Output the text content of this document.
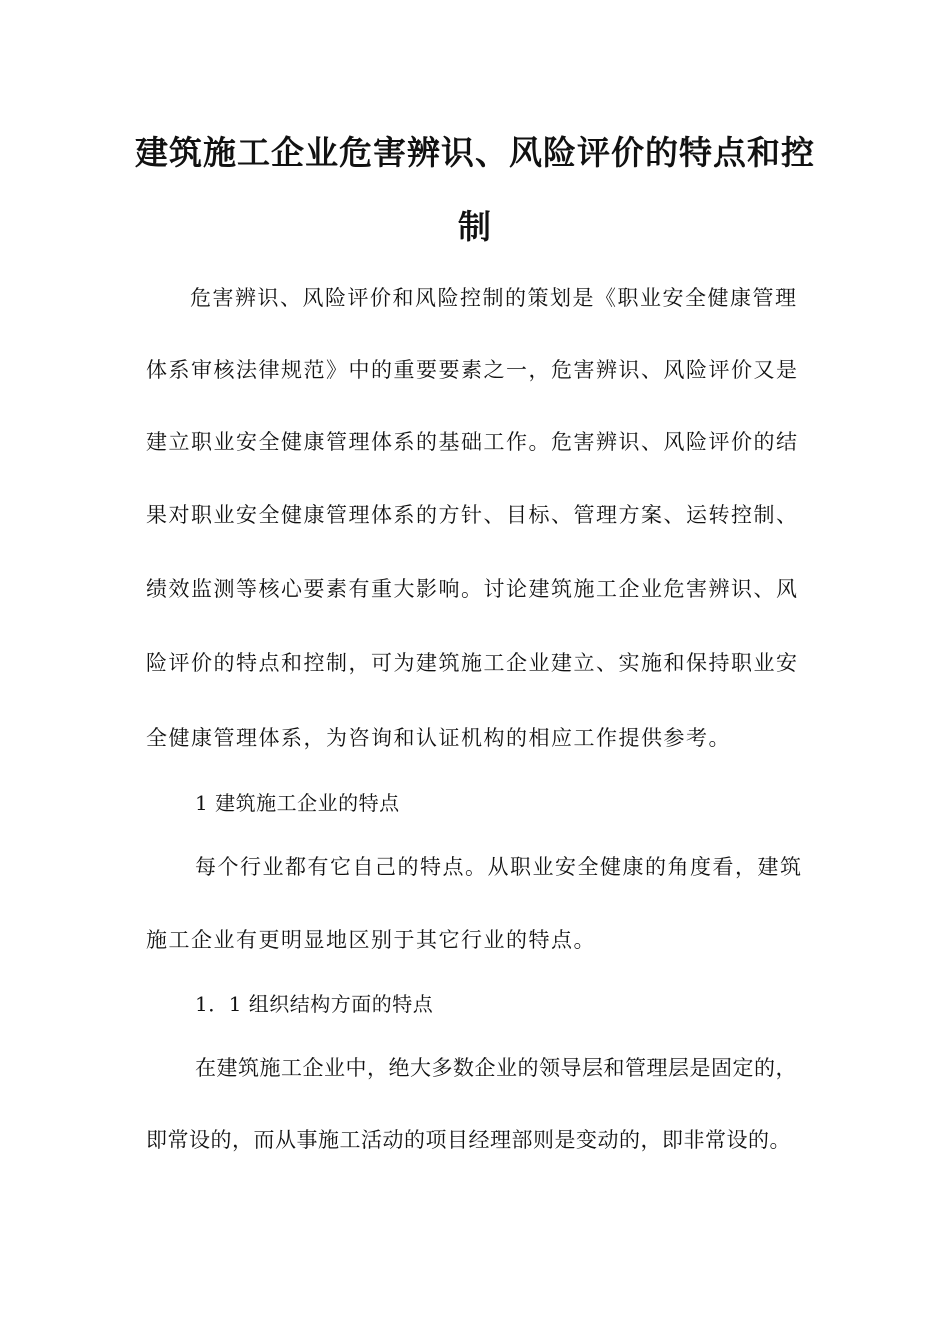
建筑施工企业危害辨识、风险评价的特点和控
制
危害辨识、风险评价和风险控制的策划是《职业安全健康管理
体系审核法律规范》中的重要要素之一，危害辨识、风险评价又是
建立职业安全健康管理体系的基础工作。危害辨识、风险评价的结
果对职业安全健康管理体系的方针、目标、管理方案、运转控制、
绩效监测等核心要素有重大影响。讨论建筑施工企业危害辨识、风
险评价的特点和控制，可为建筑施工企业建立、实施和保持职业安
全健康管理体系，为咨询和认证机构的相应工作提供参考。
1 建筑施工企业的特点
每个行业都有它自己的特点。从职业安全健康的角度看，建筑
施工企业有更明显地区别于其它行业的特点。
1．1 组织结构方面的特点
在建筑施工企业中，绝大多数企业的领导层和管理层是固定的，
即常设的，而从事施工活动的项目经理部则是变动的，即非常设的。
